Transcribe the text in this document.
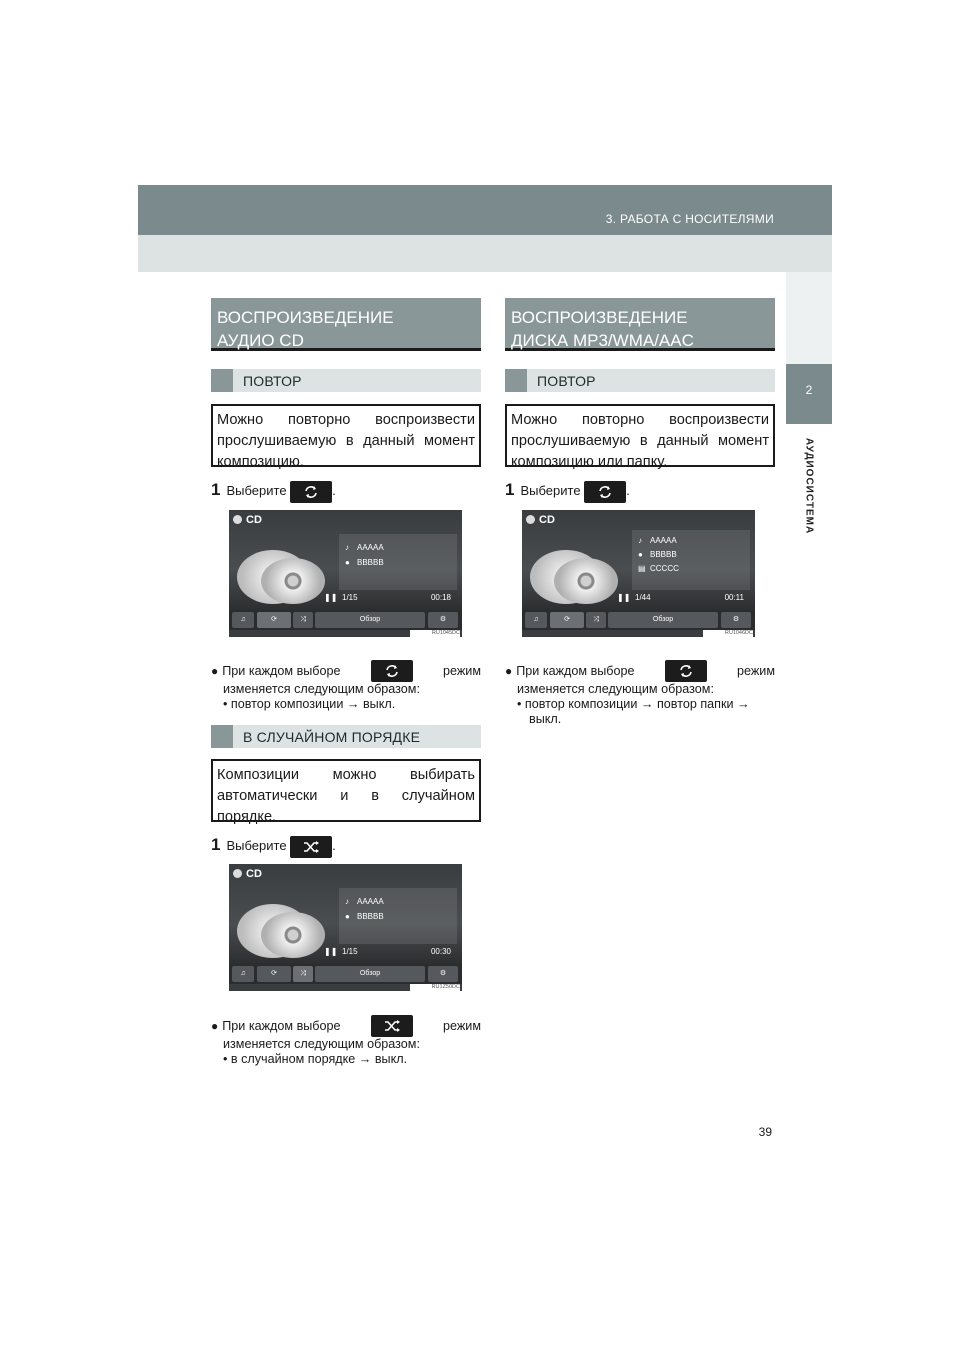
3. РАБОТА С НОСИТЕЛЯМИ
2
АУДИОСИСТЕМА
ВОСПРОИЗВЕДЕНИЕ
АУДИО CD
ПОВТОР
Можно повторно воспроизвести прослушиваемую в данный момент композицию.
1 Выберите	.
CD
♪ AAAAA
● BBBBB
❚❚ 1/15	00:18
♫	⟳	⤨	Обзор	⚙
RU1045DC
● При каждом выборе	режим
изменяется следующим образом:
• повтор композиции → выкл.
В СЛУЧАЙНОМ ПОРЯДКЕ
Композиции можно выбирать автоматически и в случайном порядке.
1 Выберите	.
CD
♪ AAAAA
● BBBBB
❚❚ 1/15	00:30
♫	⟳	⤨	Обзор	⚙
RU1Z50DC
● При каждом выборе	режим
изменяется следующим образом:
• в случайном порядке → выкл.
ВОСПРОИЗВЕДЕНИЕ
ДИСКА MP3/WMA/AAC
ПОВТОР
Можно повторно воспроизвести прослушиваемую в данный момент композицию или папку.
1 Выберите	.
CD
♪ AAAAA
● BBBBB
▤ CCCCC
❚❚ 1/44	00:11
♫	⟳	⤨	Обзор	⚙
RU1046DC
● При каждом выборе	режим
изменяется следующим образом:
• повтор композиции → повтор папки →
выкл.
39
